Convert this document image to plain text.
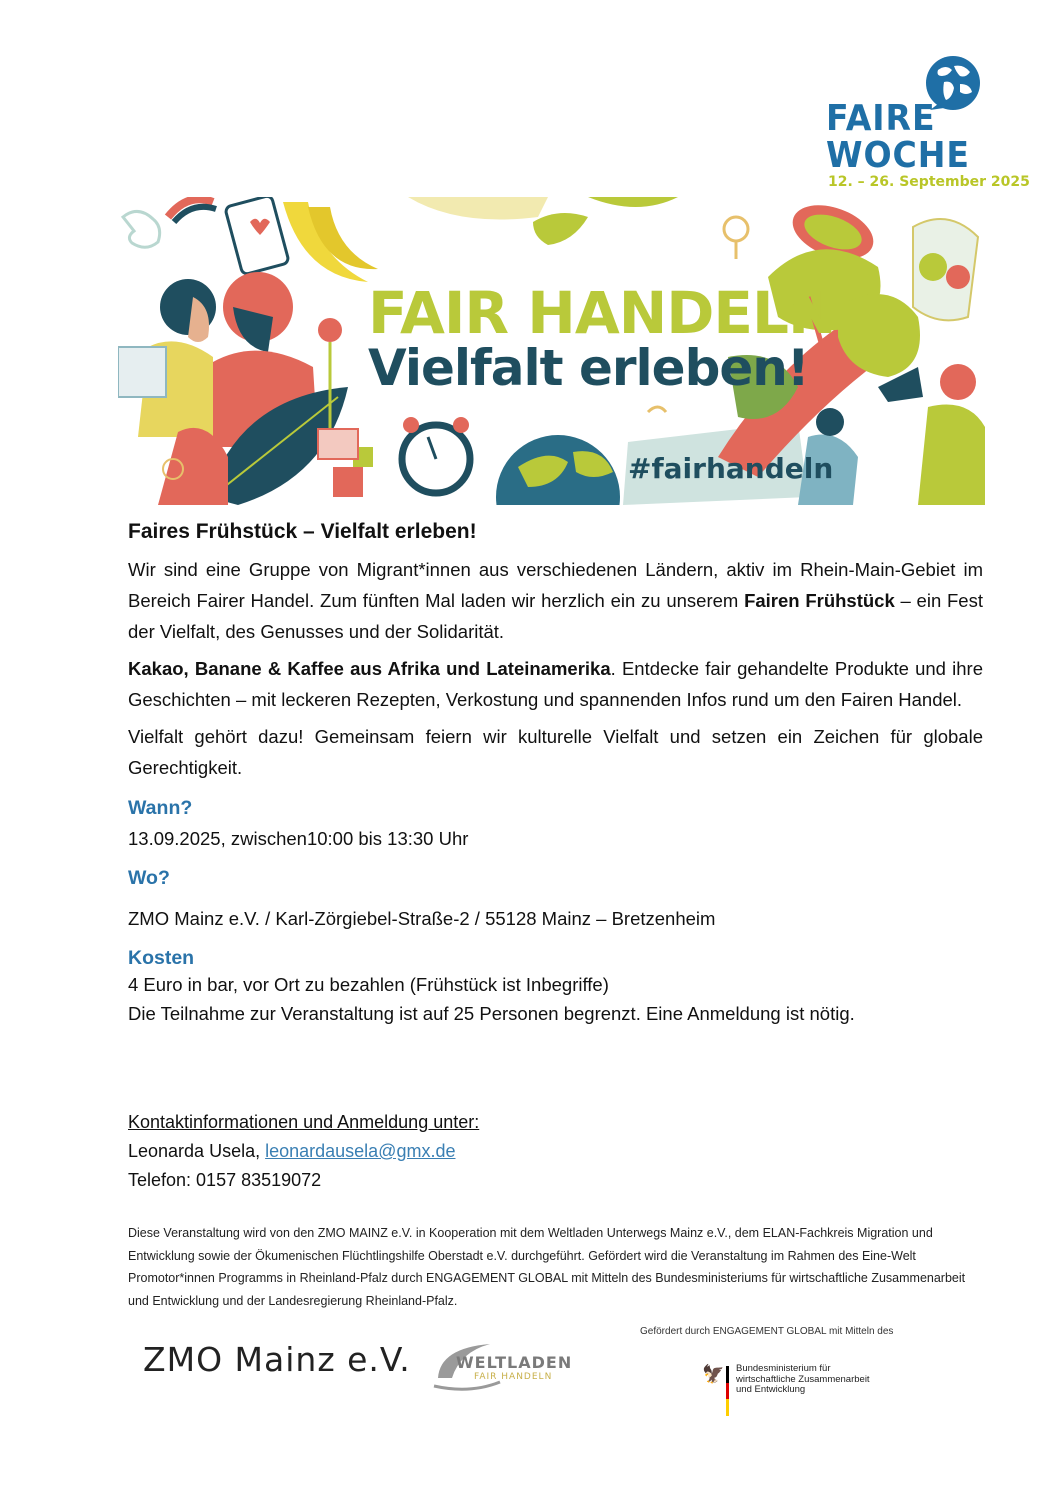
FAIRE
WOCHE
12. – 26. September 2025
FAIR HANDELN
Vielfalt erleben!
#fairhandeln
Faires Frühstück – Vielfalt erleben!

Wir sind eine Gruppe von Migrant*innen aus verschiedenen Ländern, aktiv im Rhein-Main-Gebiet im Bereich Fairer Handel. Zum fünften Mal laden wir herzlich ein zu unserem Fairen Frühstück – ein Fest der Vielfalt, des Genusses und der Solidarität.

Kakao, Banane & Kaffee aus Afrika und Lateinamerika. Entdecke fair gehandelte Produkte und ihre Geschichten – mit leckeren Rezepten, Verkostung und spannenden Infos rund um den Fairen Handel.

Vielfalt gehört dazu! Gemeinsam feiern wir kulturelle Vielfalt und setzen ein Zeichen für globale Gerechtigkeit.

Wann?
13.09.2025, zwischen10:00 bis 13:30 Uhr
Wo?
ZMO Mainz e.V. / Karl-Zörgiebel-Straße-2 / 55128 Mainz – Bretzenheim
Kosten
4 Euro in bar, vor Ort zu bezahlen (Frühstück ist Inbegriffe)
Die Teilnahme zur Veranstaltung ist auf 25 Personen begrenzt. Eine Anmeldung ist nötig.
Kontaktinformationen und Anmeldung unter:
Leonarda Usela, leonardausela@gmx.de
Telefon: 0157 83519072
Diese Veranstaltung wird von den ZMO MAINZ e.V. in Kooperation mit dem Weltladen Unterwegs Mainz e.V., dem ELAN-Fachkreis Migration und Entwicklung sowie der Ökumenischen Flüchtlingshilfe Oberstadt e.V. durchgeführt. Gefördert wird die Veranstaltung im Rahmen des Eine-Welt Promotor*innen Programms in Rheinland-Pfalz durch ENGAGEMENT GLOBAL mit Mitteln des Bundesministeriums für wirtschaftliche Zusammenarbeit und Entwicklung und der Landesregierung Rheinland-Pfalz.
Gefördert durch ENGAGEMENT GLOBAL mit Mitteln des
ZMO Mainz e.V.	WELTLADEN
FAIR HANDELN	🦅 Bundesministerium für
wirtschaftliche Zusammenarbeit
und Entwicklung
